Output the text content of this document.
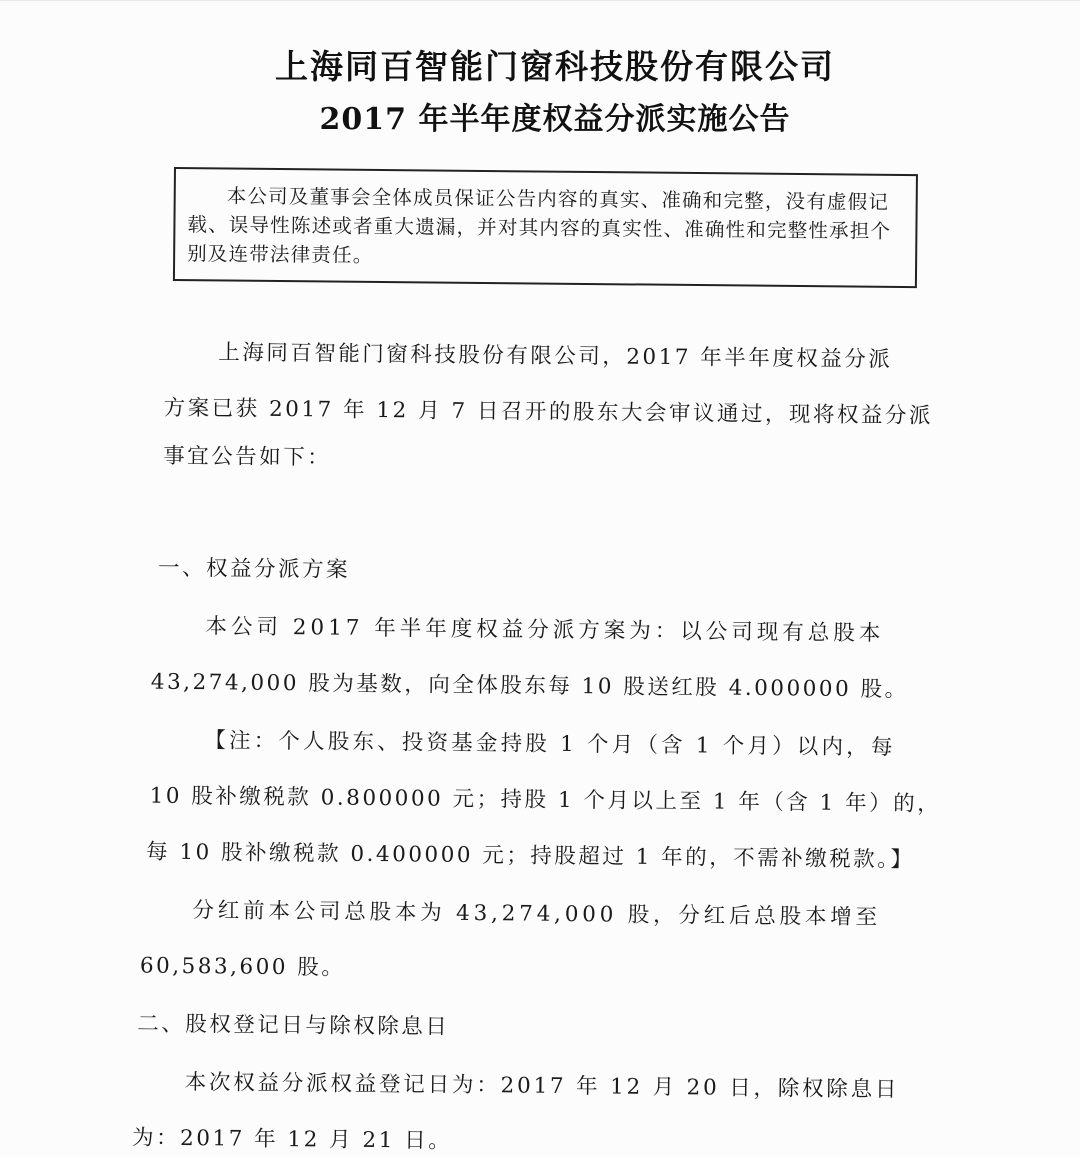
上海同百智能门窗科技股份有限公司
2017 年半年度权益分派实施公告

本公司及董事会全体成员保证公告内容的真实、准确和完整，没有虚假记载、误导性陈述或者重大遗漏，并对其内容的真实性、准确性和完整性承担个别及连带法律责任。

上海同百智能门窗科技股份有限公司，2017 年半年度权益分派
方案已获 2017 年 12 月 7 日召开的股东大会审议通过，现将权益分派
事宜公告如下：
一、权益分派方案
本公司 2017 年半年度权益分派方案为：以公司现有总股本
43,274,000 股为基数，向全体股东每 10 股送红股 4.000000 股。
【注：个人股东、投资基金持股 1 个月（含 1 个月）以内，每
10 股补缴税款 0.800000 元；持股 1 个月以上至 1 年（含 1 年）的，
每 10 股补缴税款 0.400000 元；持股超过 1 年的，不需补缴税款。】
分红前本公司总股本为 43,274,000 股，分红后总股本增至
60,583,600 股。
二、股权登记日与除权除息日
本次权益分派权益登记日为：2017 年 12 月 20 日，除权除息日
为：2017 年 12 月 21 日。
